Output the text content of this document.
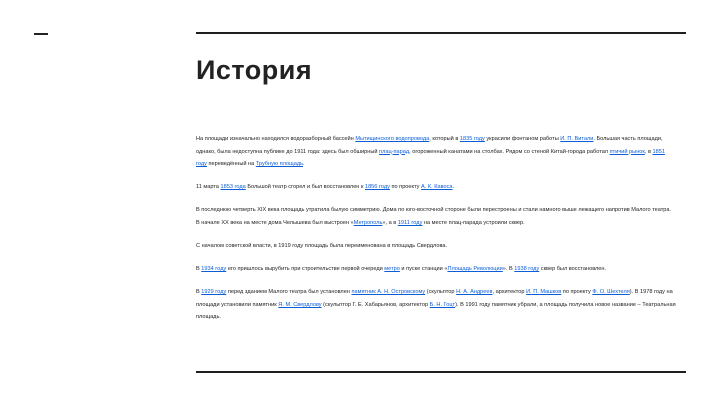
История

На площади изначально находился водоразборный бассейн Мытищинского водопровода, который в 1835 году украсили фонтаном работы И. П. Витали. Большая часть площади, однако, была недоступна публике до 1911 года: здесь был обширный плац-парад, огороженный канатами на столбах. Рядом со стеной Китай-города работал птичий рынок, в 1851 году переведённый на Трубную площадь.

11 марта 1853 года Большой театр сгорел и был восстановлен к 1856 году по проекту А. К. Кавоса.

В последнюю четверть XIX века площадь утратила былую симметрию. Дома по юго-восточной стороне были перестроены и стали намного выше лежащего напротив Малого театра. В начале XX века на месте дома Челышева был выстроен «Метрополь», а в 1911 году на месте плац-парада устроили сквер.

С началом советской власти, в 1919 году площадь была переименована в площадь Свердлова.

В 1934 году его пришлось вырубить при строительстве первой очереди метро и пуске станции «Площадь Революции». В 1938 году сквер был восстановлен.

В 1929 году перед зданием Малого театра был установлен памятник А. Н. Островскому (скульптор Н. А. Андреев, архитектор И. П. Машков по проекту Ф. О. Шехтеля). В 1978 году на площади установили памятник Я. М. Свердлову (скульптор Г. Е. Хабарьянов, архитектор Б. Н. Гоцт). В 1991 году памятник убрали, а площадь получила новое название – Театральная площадь.
